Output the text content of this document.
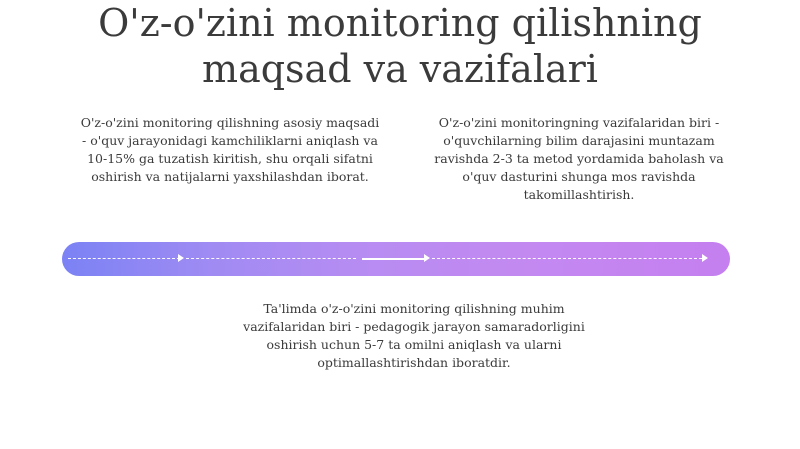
O'z-o'zini monitoring qilishning
maqsad va vazifalari
O'z-o'zini monitoring qilishning asosiy maqsadi - o'quv jarayonidagi kamchiliklarni aniqlash va 10-15% ga tuzatish kiritish, shu orqali sifatni oshirish va natijalarni yaxshilashdan iborat.
O'z-o'zini monitoringning vazifalaridan biri - o'quvchilarning bilim darajasini muntazam ravishda 2-3 ta metod yordamida baholash va o'quv dasturini shunga mos ravishda takomillashtirish.
Ta'limda o'z-o'zini monitoring qilishning muhim vazifalaridan biri - pedagogik jarayon samaradorligini oshirish uchun 5-7 ta omilni aniqlash va ularni optimallashtirishdan iboratdir.
